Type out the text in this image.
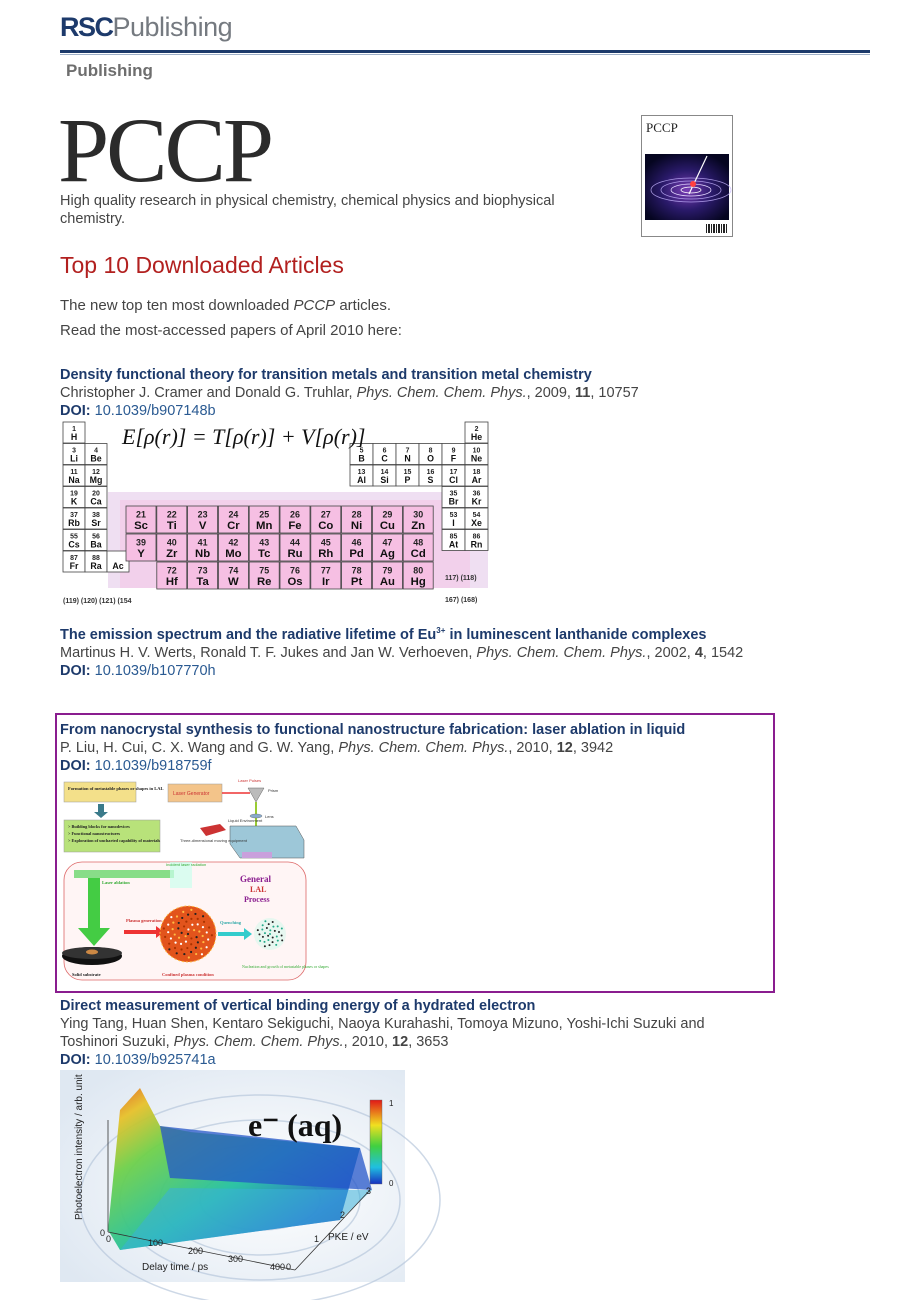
RSC Publishing
Publishing
PCCP
High quality research in physical chemistry, chemical physics and biophysical chemistry.
PCCP
Top 10 Downloaded Articles
The new top ten most downloaded PCCP articles.
Read the most-accessed papers of April 2010 here:
Density functional theory for transition metals and transition metal chemistry
Christopher J. Cramer and Donald G. Truhlar, Phys. Chem. Chem. Phys., 2009, 11, 10757
DOI: 10.1039/b907148b
1
H
3
Li
4
Be
11
Na
12
Mg
19
K
20
Ca
37
Rb
38
Sr
55
Cs
56
Ba
87
Fr
88
Ra Ac
2
He
5
B
6
C
7
N
8
O
9
F
10
Ne
13
Al
14
Si
15
P
16
S
17
Cl
18
Ar
35
Br
36
Kr
53
I
54
Xe
85
At
86
Rn
E[ρ(r)] = T[ρ(r)] + V[ρ(r)]
21
Sc
22
Ti
23
V
24
Cr
25
Mn
26
Fe
27
Co
28
Ni
29
Cu
30
Zn
39
Y
40
Zr
41
Nb
42
Mo
43
Tc
44
Ru
45
Rh
46
Pd
47
Ag
48
Cd
72
Hf
73
Ta
74
W
75
Re
76
Os
77
Ir
78
Pt
79
Au
80
Hg
(119) (120) (121) (154
117) (118)
167) (168)
The emission spectrum and the radiative lifetime of $Eu^{3+}$ in luminescent lanthanide complexes
Martinus H. V. Werts, Ronald T. F. Jukes and Jan W. Verhoeven, Phys. Chem. Chem. Phys., 2002, 4, 1542
DOI: 10.1039/b107770h
From nanocrystal synthesis to functional nanostructure fabrication: laser ablation in liquid
P. Liu, H. Cui, C. X. Wang and G. W. Yang, Phys. Chem. Chem. Phys., 2010, 12, 3942
DOI: 10.1039/b918759f
Formation of metastable phases or shapes in LAL
Laser Generator
Prism
Laser Pulses
Lens
Liquid Environment
Three-dimensional moving equipment
> Building blocks for nanodevices
> Functional nanostructures
> Exploration of uncharted capability of materials
Incident laser radiation
General
LAL
Process
Laser ablation
Solid substrate
Plasma generation
Confined plasma condition
Quenching
Nucleation and growth of metastable phases or shapes
Direct measurement of vertical binding energy of a hydrated electron
Ying Tang, Huan Shen, Kentaro Sekiguchi, Naoya Kurahashi, Tomoya Mizuno, Yoshi-Ichi Suzuki and Toshinori Suzuki, Phys. Chem. Chem. Phys., 2010, 12, 3653
DOI: 10.1039/b925741a
e⁻ (aq)
1
0
Photoelectron intensity / arb. unit
0
0	100
200
300
400 0
1
2
3
Delay time / ps
PKE / eV
